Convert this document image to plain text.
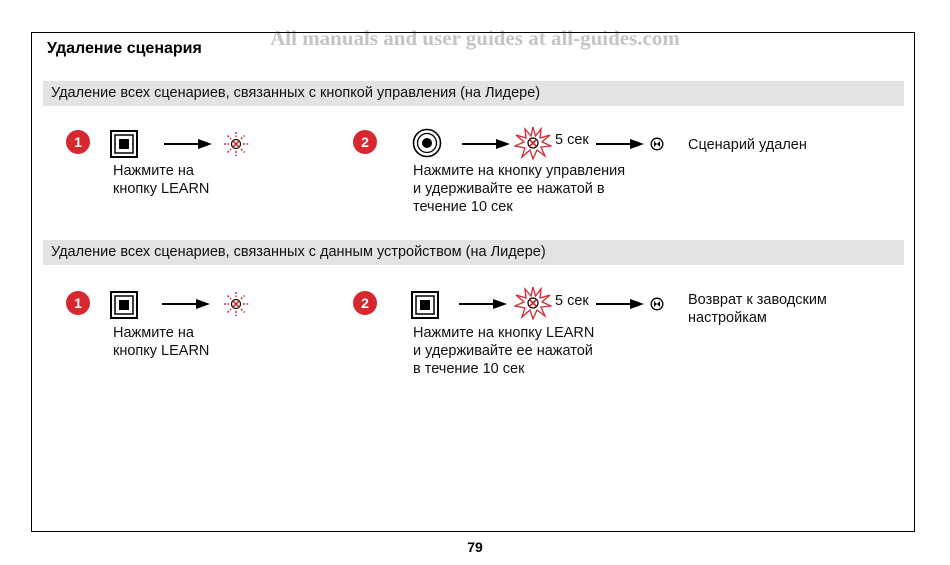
All manuals and user guides at all-guides.com
Удаление сценария
Удаление всех сценариев, связанных с кнопкой управления (на Лидере)
1
Нажмите на
кнопку LEARN
2	5 сек
Нажмите на кнопку управления
и удерживайте ее нажатой в
течение 10 сек
Сценарий удален
Удаление всех сценариев, связанных с данным устройством (на Лидере)
1
Нажмите на
кнопку LEARN
2	5 сек
Нажмите на кнопку LEARN
и удерживайте ее нажатой
в течение 10 сек
Возврат к заводским
настройкам
79
